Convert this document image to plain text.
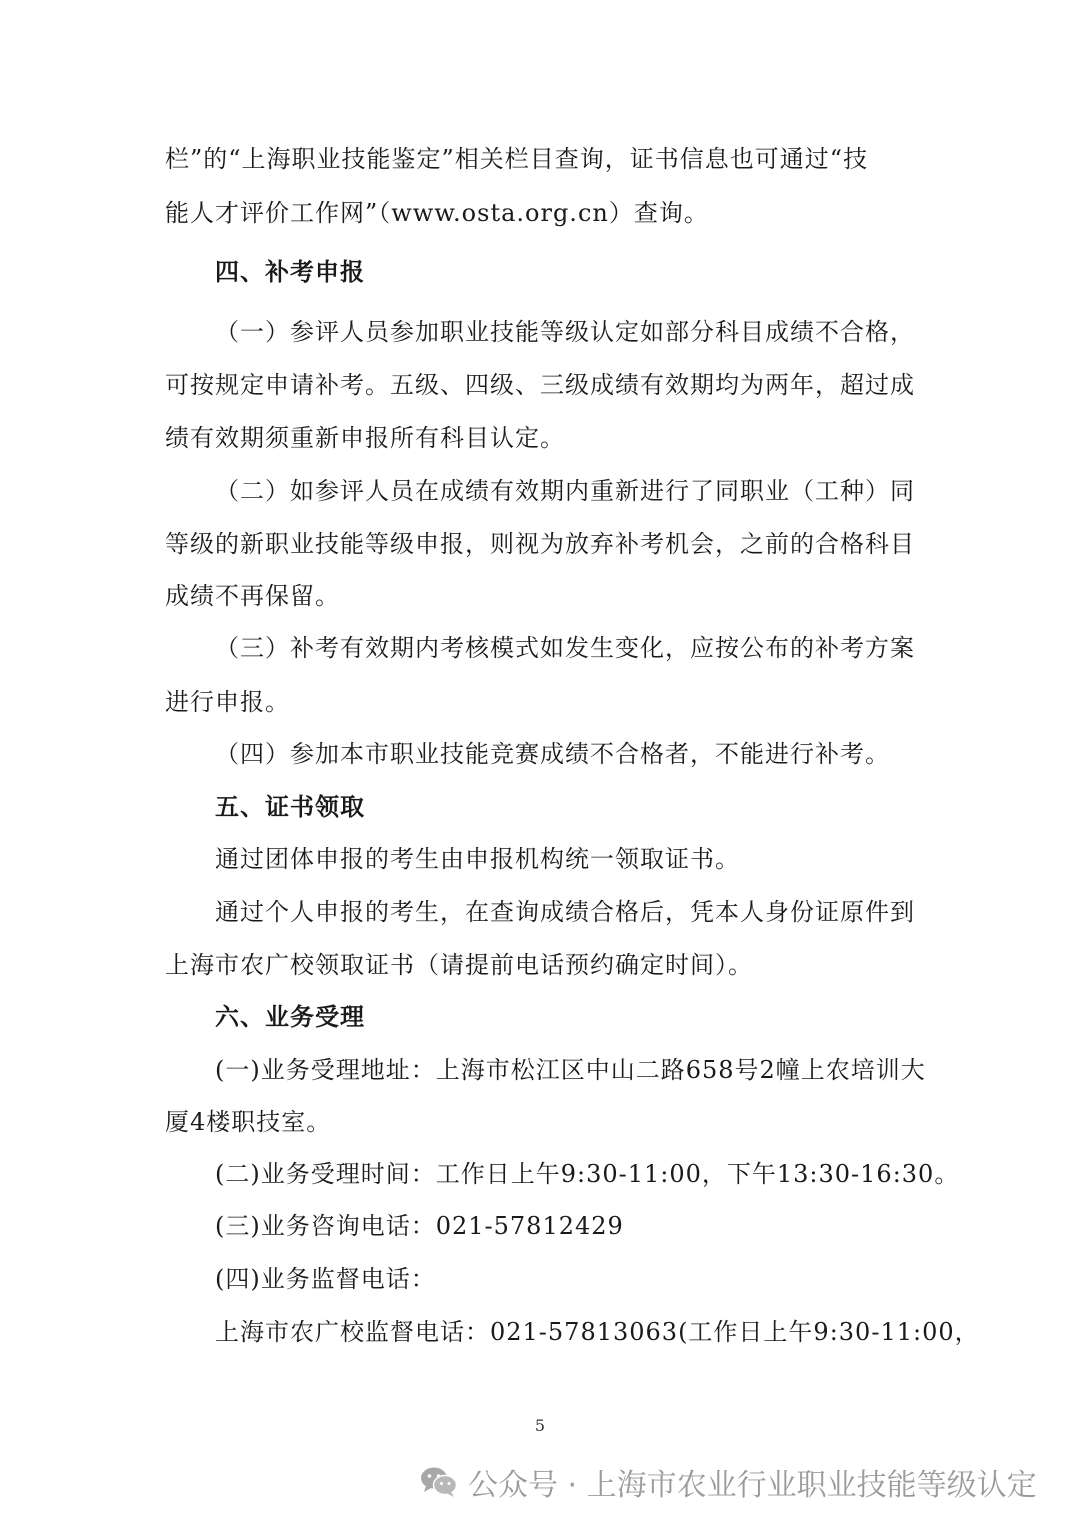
栏”的“上海职业技能鉴定”相关栏目查询，证书信息也可通过“技
能人才评价工作网”（www.osta.org.cn）查询。
四、补考申报
（一）参评人员参加职业技能等级认定如部分科目成绩不合格，
可按规定申请补考。五级、四级、三级成绩有效期均为两年，超过成
绩有效期须重新申报所有科目认定。
（二）如参评人员在成绩有效期内重新进行了同职业（工种）同
等级的新职业技能等级申报，则视为放弃补考机会，之前的合格科目
成绩不再保留。
（三）补考有效期内考核模式如发生变化，应按公布的补考方案
进行申报。
（四）参加本市职业技能竞赛成绩不合格者，不能进行补考。
五、证书领取
通过团体申报的考生由申报机构统一领取证书。
通过个人申报的考生，在查询成绩合格后，凭本人身份证原件到
上海市农广校领取证书（请提前电话预约确定时间）。
六、业务受理
(一)业务受理地址：上海市松江区中山二路658号2幢上农培训大
厦4楼职技室。
(二)业务受理时间：工作日上午9:30-11:00，下午13:30-16:30。
(三)业务咨询电话：021-57812429
(四)业务监督电话：
上海市农广校监督电话：021-57813063(工作日上午9:30-11:00，
5
公众号 · 上海市农业行业职业技能等级认定
